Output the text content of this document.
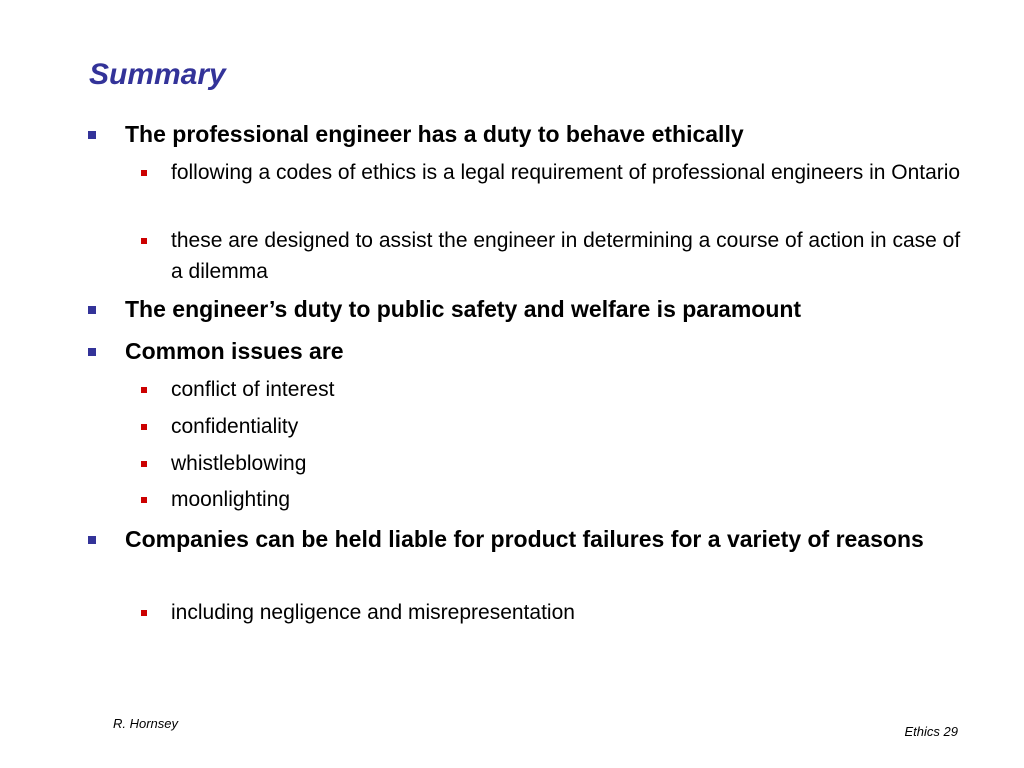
Summary
The professional engineer has a duty to behave ethically
following a codes of ethics is a legal requirement of professional engineers in Ontario
these are designed to assist the engineer in determining a course of action in case of a dilemma
The engineer’s duty to public safety and welfare is paramount
Common issues are
conflict of interest
confidentiality
whistleblowing
moonlighting
Companies can be held liable for product failures for a variety of reasons
including negligence and misrepresentation
R. Hornsey
Ethics 29
